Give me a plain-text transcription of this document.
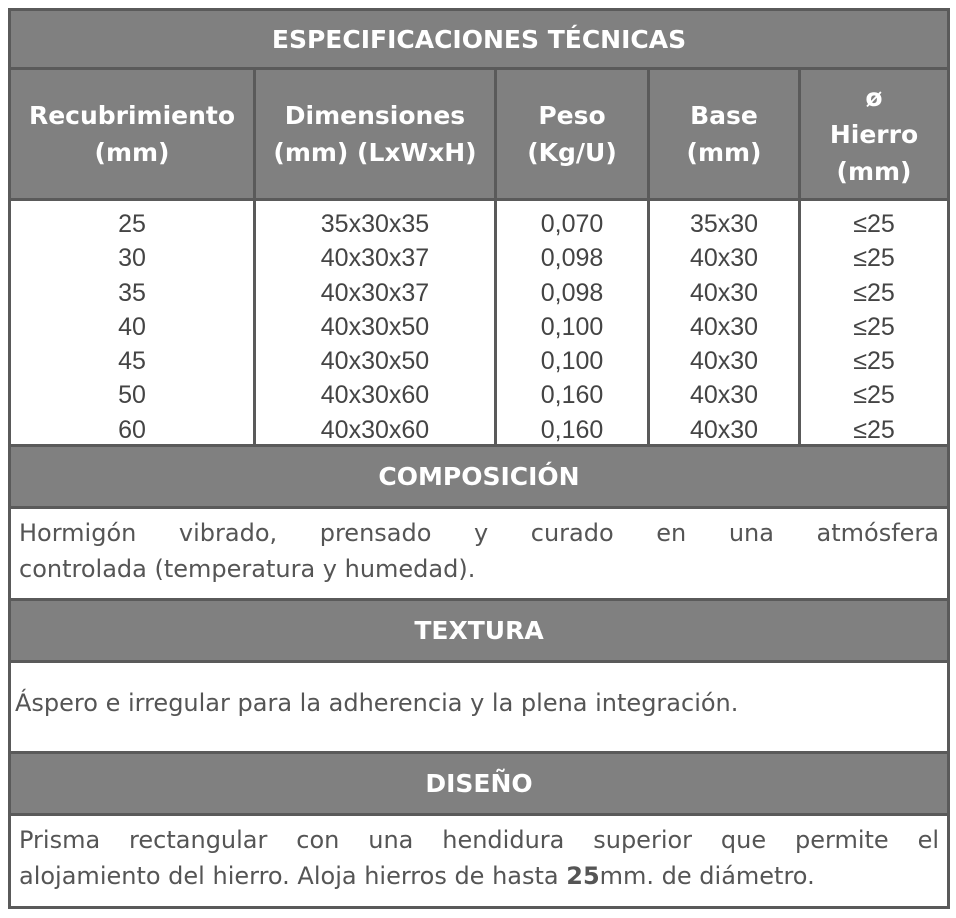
ESPECIFICACIONES TÉCNICAS
Recubrimiento
(mm)
Dimensiones
(mm) (LxWxH)
Peso
(Kg/U)
Base
(mm)
ø
Hierro
(mm)
25
30
35
40
45
50
60
35x30x35
40x30x37
40x30x37
40x30x50
40x30x50
40x30x60
40x30x60
0,070
0,098
0,098
0,100
0,100
0,160
0,160
35x30
40x30
40x30
40x30
40x30
40x30
40x30
≤25
≤25
≤25
≤25
≤25
≤25
≤25
COMPOSICIÓN
Hormigón vibrado, prensado y curado en una atmósfera
controlada (temperatura y humedad).
TEXTURA
Áspero e irregular para la adherencia y la plena integración.
DISEÑO
Prisma rectangular con una hendidura superior que permite el
alojamiento del hierro. Aloja hierros de hasta 25mm. de diámetro.
